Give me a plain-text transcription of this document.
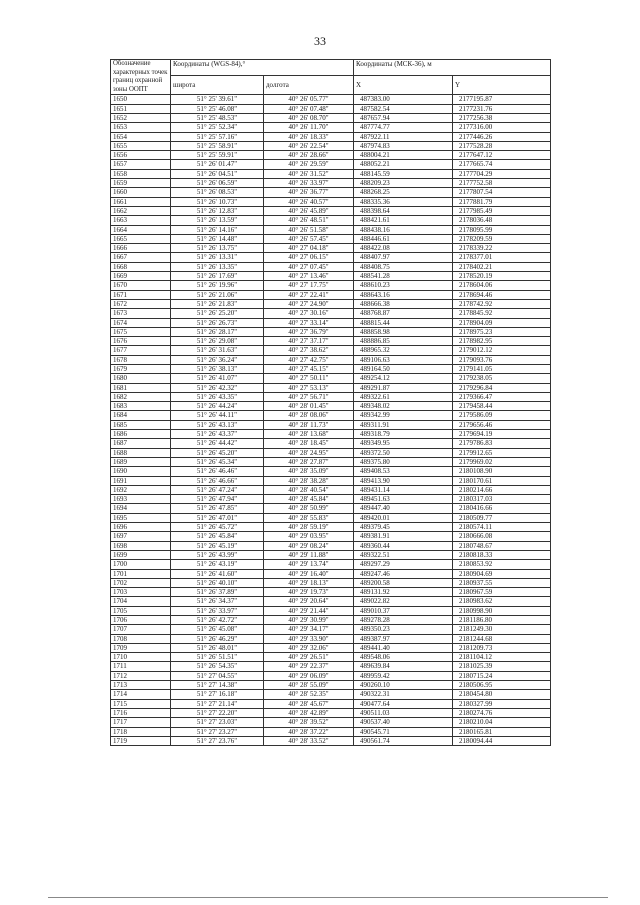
33
Обозначение характерных точек границ охранной зоны ООПТ	Координаты (WGS-84),°		Координаты (МСК-36), м	
	широта	долгота	X	Y
1650	51° 25' 39.61"	40° 26' 05.77"	487383.00	2177195.87
1651	51° 25' 46.08"	40° 26' 07.48"	487582.54	2177231.76
1652	51° 25' 48.53"	40° 26' 08.70"	487657.94	2177256.38
1653	51° 25' 52.34"	40° 26' 11.70"	487774.77	2177316.00
1654	51° 25' 57.16"	40° 26' 18.33"	487922.11	2177446.26
1655	51° 25' 58.91"	40° 26' 22.54"	487974.83	2177528.28
1656	51° 25' 59.91"	40° 26' 28.66"	488004.21	2177647.12
1657	51° 26' 01.47"	40° 26' 29.59"	488052.21	2177665.74
1658	51° 26' 04.51"	40° 26' 31.52"	488145.59	2177704.29
1659	51° 26' 06.59"	40° 26' 33.97"	488209.23	2177752.58
1660	51° 26' 08.53"	40° 26' 36.77"	488268.25	2177807.54
1661	51° 26' 10.73"	40° 26' 40.57"	488335.36	2177881.79
1662	51° 26' 12.83"	40° 26' 45.89"	488398.64	2177985.49
1663	51° 26' 13.59"	40° 26' 48.51"	488421.61	2178036.48
1664	51° 26' 14.16"	40° 26' 51.58"	488438.16	2178095.99
1665	51° 26' 14.48"	40° 26' 57.45"	488446.61	2178209.59
1666	51° 26' 13.75"	40° 27' 04.18"	488422.08	2178339.22
1667	51° 26' 13.31"	40° 27' 06.15"	488407.97	2178377.01
1668	51° 26' 13.35"	40° 27' 07.45"	488408.75	2178402.21
1669	51° 26' 17.69"	40° 27' 13.46"	488541.28	2178520.19
1670	51° 26' 19.96"	40° 27' 17.75"	488610.23	2178604.06
1671	51° 26' 21.06"	40° 27' 22.41"	488643.16	2178694.46
1672	51° 26' 21.83"	40° 27' 24.90"	488666.38	2178742.92
1673	51° 26' 25.20"	40° 27' 30.16"	488768.87	2178845.92
1674	51° 26' 26.73"	40° 27' 33.14"	488815.44	2178904.09
1675	51° 26' 28.17"	40° 27' 36.79"	488858.98	2178975.23
1676	51° 26' 29.08"	40° 27' 37.17"	488886.85	2178982.95
1677	51° 26' 31.63"	40° 27' 38.62"	488965.32	2179012.12
1678	51° 26' 36.24"	40° 27' 42.75"	489106.63	2179093.76
1679	51° 26' 38.13"	40° 27' 45.15"	489164.50	2179141.05
1680	51° 26' 41.07"	40° 27' 50.11"	489254.12	2179238.05
1681	51° 26' 42.32"	40° 27' 53.13"	489291.87	2179296.84
1682	51° 26' 43.35"	40° 27' 56.71"	489322.61	2179366.47
1683	51° 26' 44.24"	40° 28' 01.45"	489348.02	2179458.44
1684	51° 26' 44.11"	40° 28' 08.06"	489342.99	2179586.09
1685	51° 26' 43.13"	40° 28' 11.73"	489311.91	2179656.46
1686	51° 26' 43.37"	40° 28' 13.68"	489318.79	2179694.19
1687	51° 26' 44.42"	40° 28' 18.45"	489349.95	2179786.83
1688	51° 26' 45.20"	40° 28' 24.95"	489372.50	2179912.65
1689	51° 26' 45.34"	40° 28' 27.87"	489375.80	2179969.02
1690	51° 26' 46.46"	40° 28' 35.09"	489408.53	2180108.90
1691	51° 26' 46.66"	40° 28' 38.28"	489413.90	2180170.61
1692	51° 26' 47.24"	40° 28' 40.54"	489431.14	2180214.66
1693	51° 26' 47.94"	40° 28' 45.84"	489451.63	2180317.03
1694	51° 26' 47.85"	40° 28' 50.99"	489447.40	2180416.66
1695	51° 26' 47.01"	40° 28' 55.83"	489420.01	2180509.77
1696	51° 26' 45.72"	40° 28' 59.19"	489379.45	2180574.11
1697	51° 26' 45.84"	40° 29' 03.95"	489381.91	2180666.08
1698	51° 26' 45.19"	40° 29' 08.24"	489360.44	2180748.67
1699	51° 26' 43.99"	40° 29' 11.88"	489322.51	2180818.33
1700	51° 26' 43.19"	40° 29' 13.74"	489297.29	2180853.92
1701	51° 26' 41.60"	40° 29' 16.40"	489247.46	2180904.69
1702	51° 26' 40.10"	40° 29' 18.13"	489200.58	2180937.55
1703	51° 26' 37.89"	40° 29' 19.73"	489131.92	2180967.59
1704	51° 26' 34.37"	40° 29' 20.64"	489022.82	2180983.62
1705	51° 26' 33.97"	40° 29' 21.44"	489010.37	2180998.90
1706	51° 26' 42.72"	40° 29' 30.99"	489278.28	2181186.80
1707	51° 26' 45.08"	40° 29' 34.17"	489350.23	2181249.30
1708	51° 26' 46.29"	40° 29' 33.90"	489387.97	2181244.68
1709	51° 26' 48.01"	40° 29' 32.06"	489441.40	2181209.73
1710	51° 26' 51.51"	40° 29' 26.51"	489548.06	2181104.12
1711	51° 26' 54.35"	40° 29' 22.37"	489639.84	2181025.39
1712	51° 27' 04.55"	40° 29' 06.09"	489959.42	2180715.24
1713	51° 27' 14.38"	40° 28' 55.09"	490260.10	2180506.95
1714	51° 27' 16.18"	40° 28' 52.35"	490322.31	2180454.80
1715	51° 27' 21.14"	40° 28' 45.67"	490477.64	2180327.99
1716	51° 27' 22.20"	40° 28' 42.89"	490511.03	2180274.76
1717	51° 27' 23.03"	40° 28' 39.52"	490537.40	2180210.04
1718	51° 27' 23.27"	40° 28' 37.22"	490545.71	2180165.81
1719	51° 27' 23.76"	40° 28' 33.52"	490561.74	2180094.44
